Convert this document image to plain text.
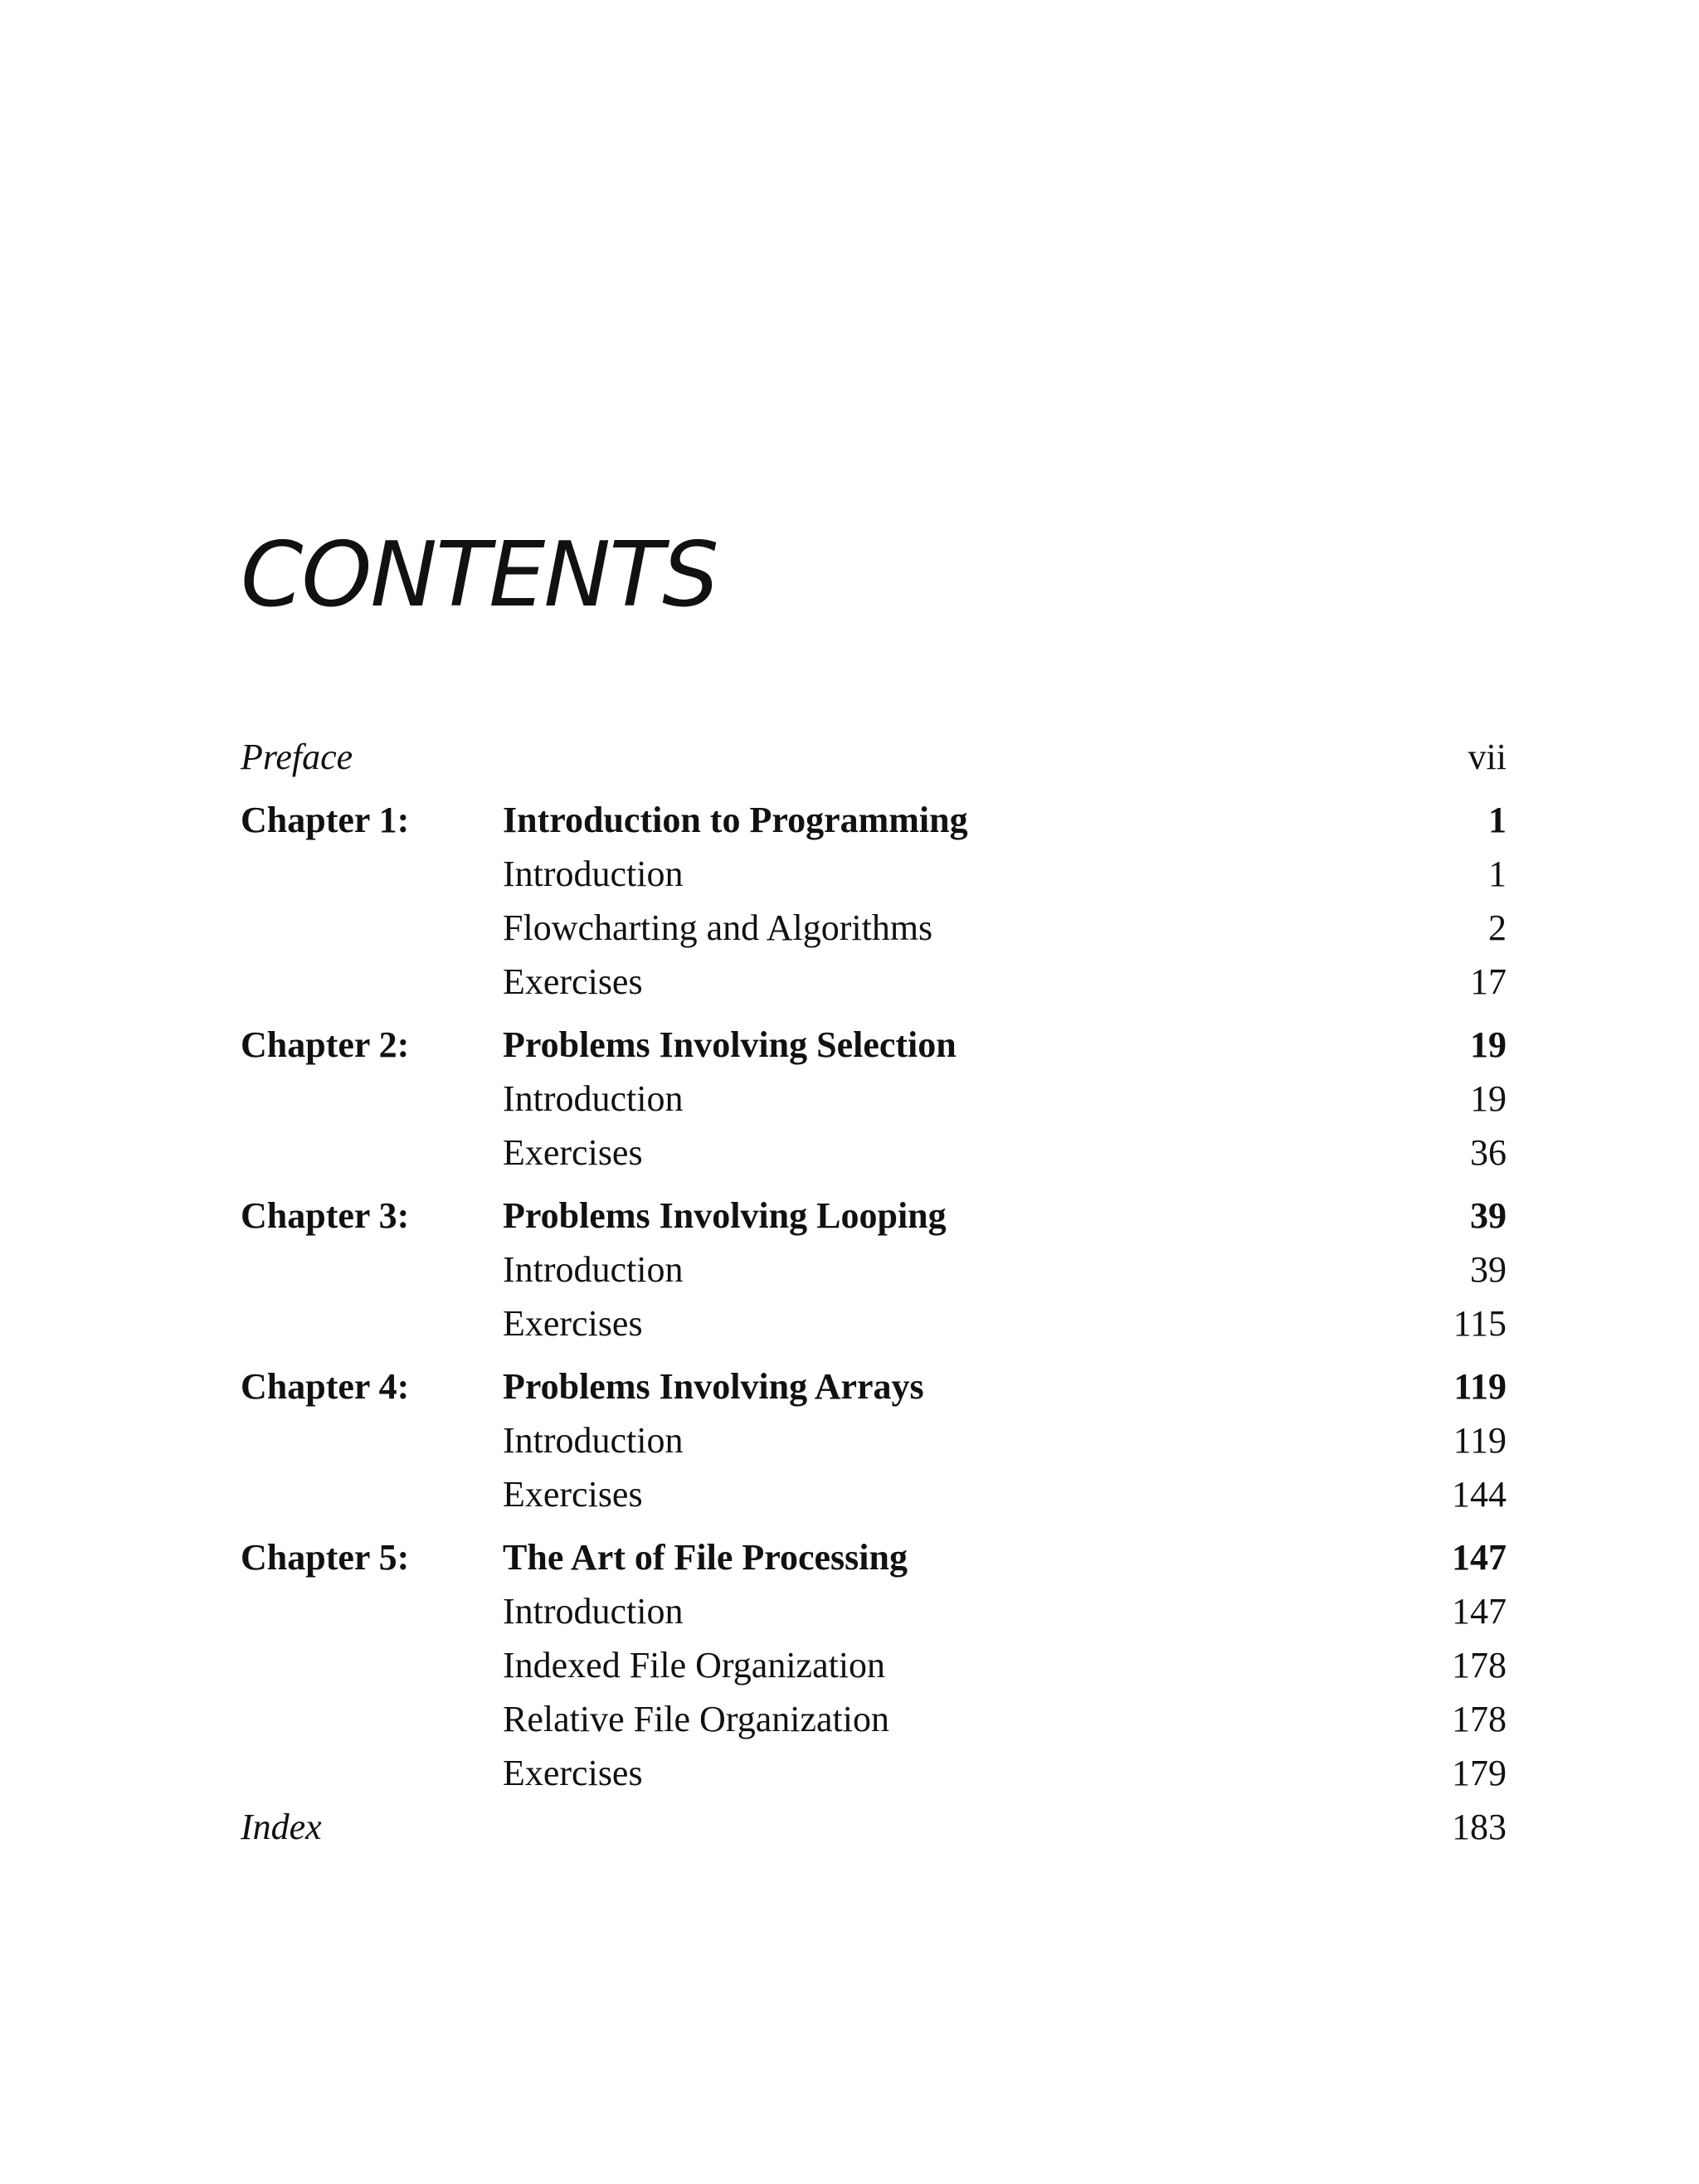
CONTENTS
Preface	vii
Chapter 1:	Introduction to Programming	1
Introduction	1
Flowcharting and Algorithms	2
Exercises	17
Chapter 2:	Problems Involving Selection	19
Introduction	19
Exercises	36
Chapter 3:	Problems Involving Looping	39
Introduction	39
Exercises	115
Chapter 4:	Problems Involving Arrays	119
Introduction	119
Exercises	144
Chapter 5:	The Art of File Processing	147
Introduction	147
Indexed File Organization	178
Relative File Organization	178
Exercises	179
Index	183
